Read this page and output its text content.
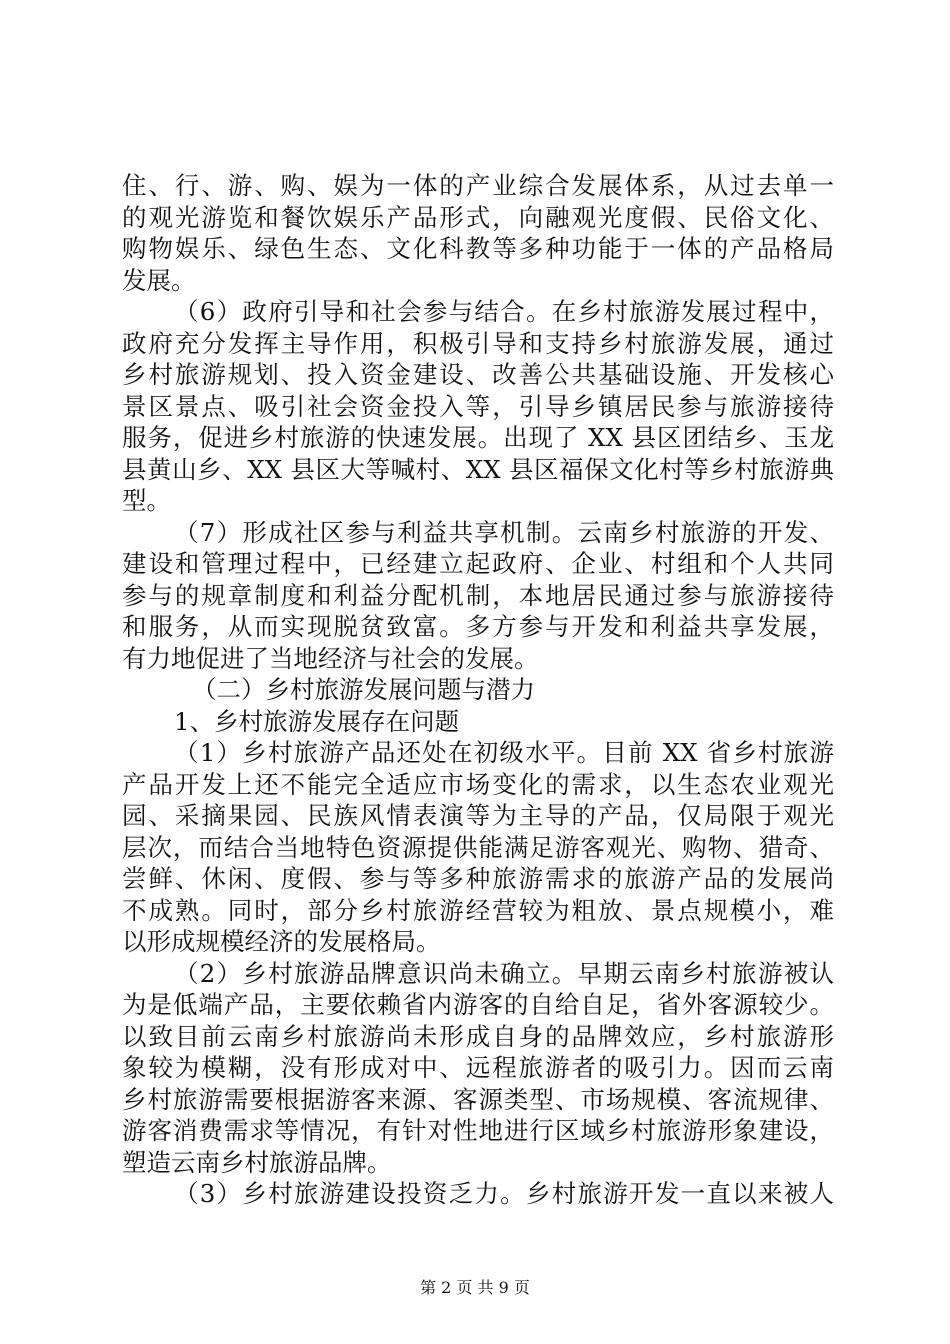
住、行、游、购、娱为一体的产业综合发展体系，从过去单一
的观光游览和餐饮娱乐产品形式，向融观光度假、民俗文化、
购物娱乐、绿色生态、文化科教等多种功能于一体的产品格局
发展。
（6）政府引导和社会参与结合。在乡村旅游发展过程中，
政府充分发挥主导作用，积极引导和支持乡村旅游发展，通过
乡村旅游规划、投入资金建设、改善公共基础设施、开发核心
景区景点、吸引社会资金投入等，引导乡镇居民参与旅游接待
服务，促进乡村旅游的快速发展。出现了 XX 县区团结乡、玉龙
县黄山乡、XX 县区大等喊村、XX 县区福保文化村等乡村旅游典
型。
（7）形成社区参与利益共享机制。云南乡村旅游的开发、
建设和管理过程中，已经建立起政府、企业、村组和个人共同
参与的规章制度和利益分配机制，本地居民通过参与旅游接待
和服务，从而实现脱贫致富。多方参与开发和利益共享发展，
有力地促进了当地经济与社会的发展。
（二）乡村旅游发展问题与潜力
1、乡村旅游发展存在问题
（1）乡村旅游产品还处在初级水平。目前 XX 省乡村旅游
产品开发上还不能完全适应市场变化的需求，以生态农业观光
园、采摘果园、民族风情表演等为主导的产品，仅局限于观光
层次，而结合当地特色资源提供能满足游客观光、购物、猎奇、
尝鲜、休闲、度假、参与等多种旅游需求的旅游产品的发展尚
不成熟。同时，部分乡村旅游经营较为粗放、景点规模小，难
以形成规模经济的发展格局。
（2）乡村旅游品牌意识尚未确立。早期云南乡村旅游被认
为是低端产品，主要依赖省内游客的自给自足，省外客源较少。
以致目前云南乡村旅游尚未形成自身的品牌效应，乡村旅游形
象较为模糊，没有形成对中、远程旅游者的吸引力。因而云南
乡村旅游需要根据游客来源、客源类型、市场规模、客流规律、
游客消费需求等情况，有针对性地进行区域乡村旅游形象建设，
塑造云南乡村旅游品牌。
（3）乡村旅游建设投资乏力。乡村旅游开发一直以来被人
第 2 页 共 9 页
